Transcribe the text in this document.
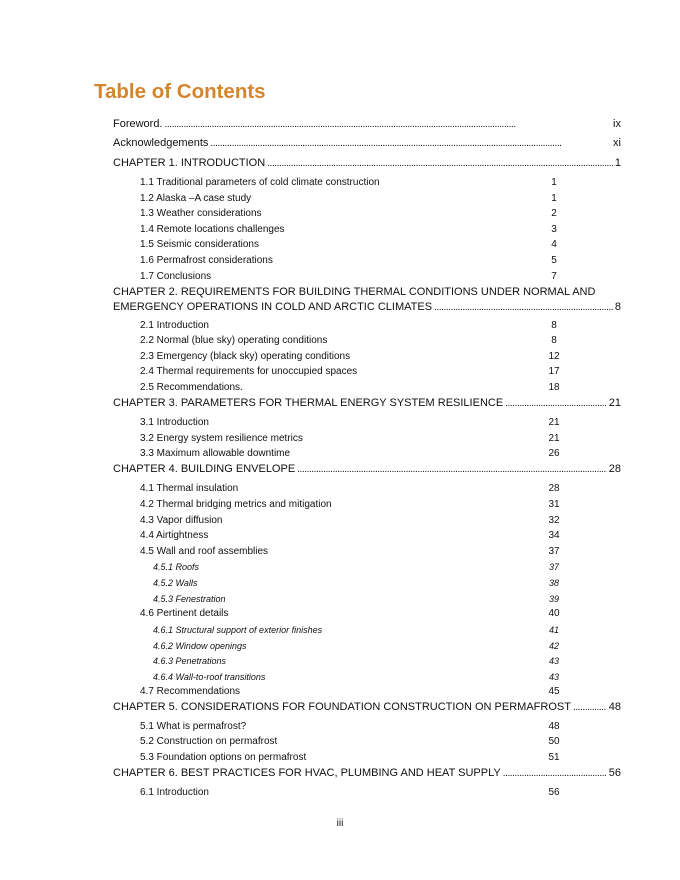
Table of Contents
Foreword. . . .	ix
Acknowledgements . . .	xi
CHAPTER 1. INTRODUCTION . . .	1
1.1 Traditional parameters of cold climate construction	1
1.2 Alaska –A case study	1
1.3 Weather considerations	2
1.4 Remote locations challenges	3
1.5 Seismic considerations	4
1.6 Permafrost considerations	5
1.7 Conclusions	7
CHAPTER 2. REQUIREMENTS FOR BUILDING THERMAL CONDITIONS UNDER NORMAL AND
EMERGENCY OPERATIONS IN COLD AND ARCTIC CLIMATES . . .	8
2.1 Introduction	8
2.2 Normal (blue sky) operating conditions	8
2.3 Emergency (black sky) operating conditions	12
2.4 Thermal requirements for unoccupied spaces	17
2.5 Recommendations.	18
CHAPTER 3. PARAMETERS FOR THERMAL ENERGY SYSTEM RESILIENCE . . .	21
3.1 Introduction	21
3.2 Energy system resilience metrics	21
3.3 Maximum allowable downtime	26
CHAPTER 4. BUILDING ENVELOPE . . .	28
4.1 Thermal insulation	28
4.2 Thermal bridging metrics and mitigation	31
4.3 Vapor diffusion	32
4.4 Airtightness	34
4.5 Wall and roof assemblies	37
4.5.1 Roofs	37
4.5.2 Walls	38
4.5.3 Fenestration	39
4.6 Pertinent details	40
4.6.1 Structural support of exterior finishes	41
4.6.2 Window openings	42
4.6.3 Penetrations	43
4.6.4 Wall-to-roof transitions	43
4.7 Recommendations	45
CHAPTER 5. CONSIDERATIONS FOR FOUNDATION CONSTRUCTION ON PERMAFROST . . .	48
5.1 What is permafrost?	48
5.2 Construction on permafrost	50
5.3 Foundation options on permafrost	51
CHAPTER 6. BEST PRACTICES FOR HVAC, PLUMBING AND HEAT SUPPLY . . .	56
6.1 Introduction	56
iii
